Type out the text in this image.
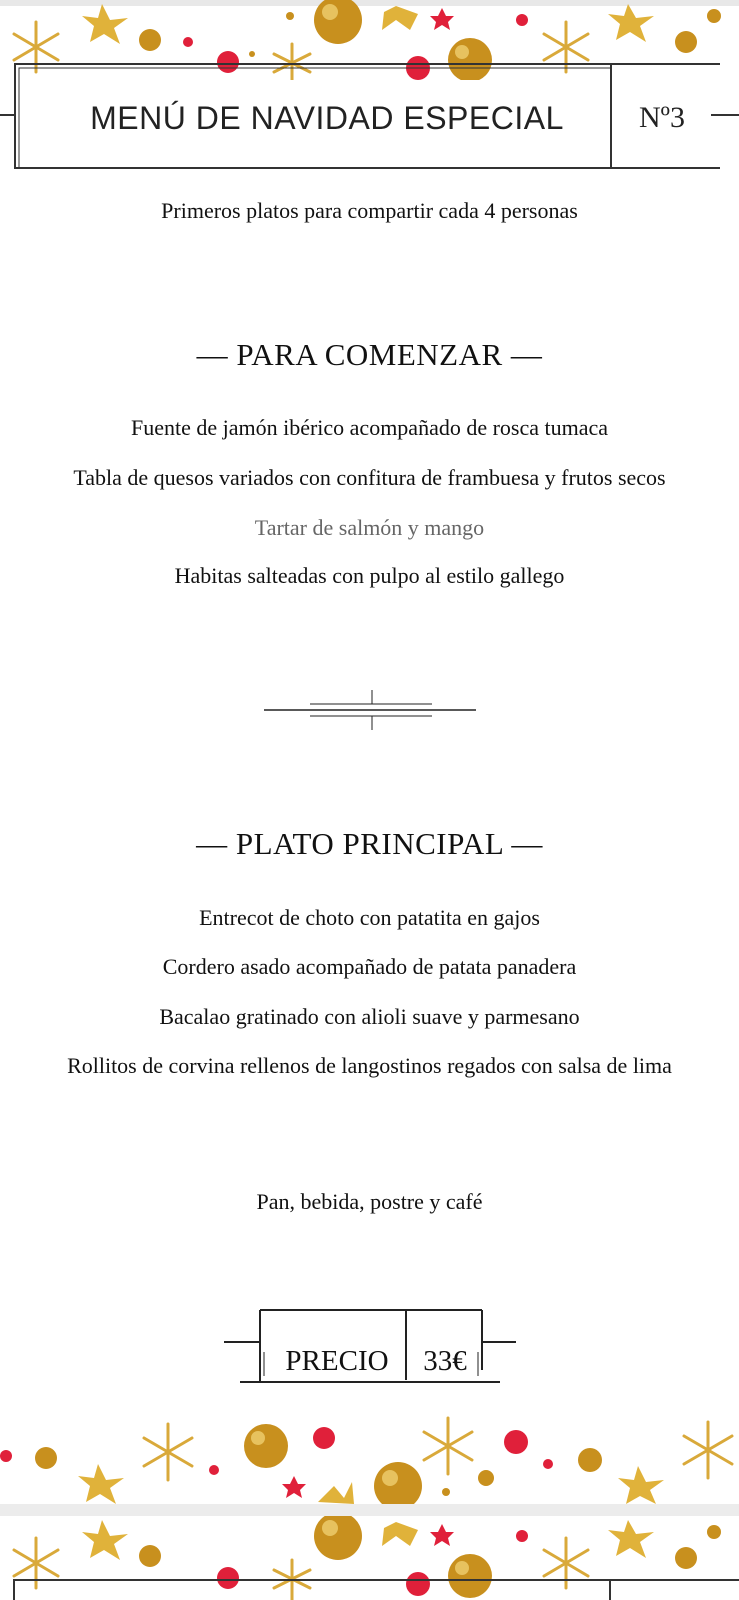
MENÚ DE NAVIDAD ESPECIAL	Nº3
Primeros platos para compartir cada 4 personas
— PARA COMENZAR —
Fuente de jamón ibérico acompañado de rosca tumaca
Tabla de quesos variados con confitura de frambuesa y frutos secos
Tartar de salmón y mango
Habitas salteadas con pulpo al estilo gallego
— PLATO PRINCIPAL —
Entrecot de choto con patatita en gajos
Cordero asado acompañado de patata panadera
Bacalao gratinado con alioli suave y parmesano
Rollitos de corvina rellenos de langostinos regados con salsa de lima
Pan, bebida, postre y café
PRECIO	33€
